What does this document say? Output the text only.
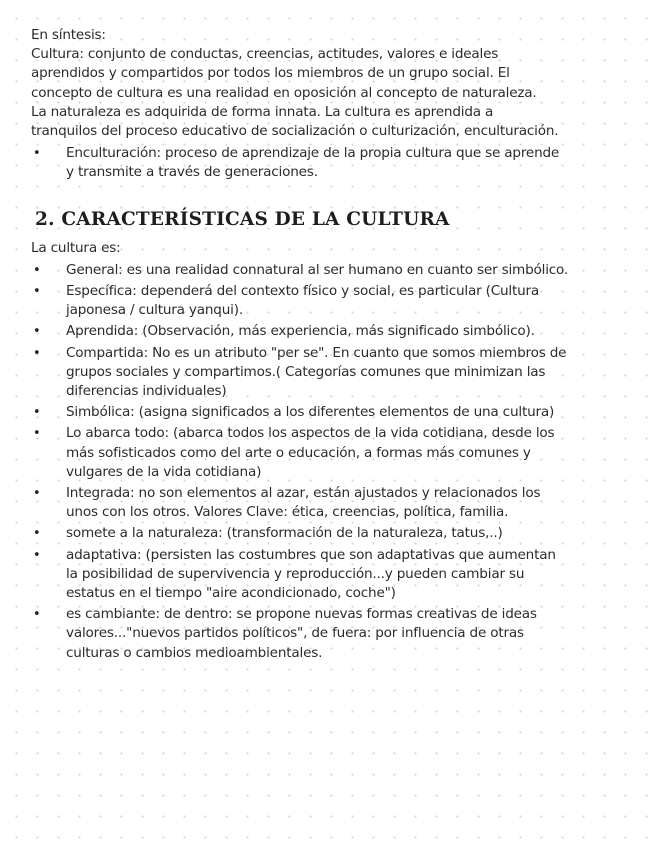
En síntesis:
Cultura: conjunto de conductas, creencias, actitudes, valores e ideales
aprendidos y compartidos por todos los miembros de un grupo social. El
concepto de cultura es una realidad en oposición al concepto de naturaleza.
La naturaleza es adquirida de forma innata. La cultura es aprendida a
tranquilos del proceso educativo de socialización o culturización, enculturación.
• Enculturación: proceso de aprendizaje de la propia cultura que se aprende
y transmite a través de generaciones.
2. CARACTERÍSTICAS DE LA CULTURA
La cultura es:
• General: es una realidad connatural al ser humano en cuanto ser simbólico.
• Específica: dependerá del contexto físico y social, es particular (Cultura
japonesa / cultura yanqui).
• Aprendida: (Observación, más experiencia, más significado simbólico).
• Compartida: No es un atributo "per se". En cuanto que somos miembros de
grupos sociales y compartimos.( Categorías comunes que minimizan las
diferencias individuales)
• Simbólica: (asigna significados a los diferentes elementos de una cultura)
• Lo abarca todo: (abarca todos los aspectos de la vida cotidiana, desde los
más sofisticados como del arte o educación, a formas más comunes y
vulgares de la vida cotidiana)
• Integrada: no son elementos al azar, están ajustados y relacionados los
unos con los otros. Valores Clave: ética, creencias, política, familia.
• somete a la naturaleza: (transformación de la naturaleza, tatus,..)
• adaptativa: (persisten las costumbres que son adaptativas que aumentan
la posibilidad de supervivencia y reproducción...y pueden cambiar su
estatus en el tiempo "aire acondicionado, coche")
• es cambiante: de dentro: se propone nuevas formas creativas de ideas
valores..."nuevos partidos políticos", de fuera: por influencia de otras
culturas o cambios medioambientales.
